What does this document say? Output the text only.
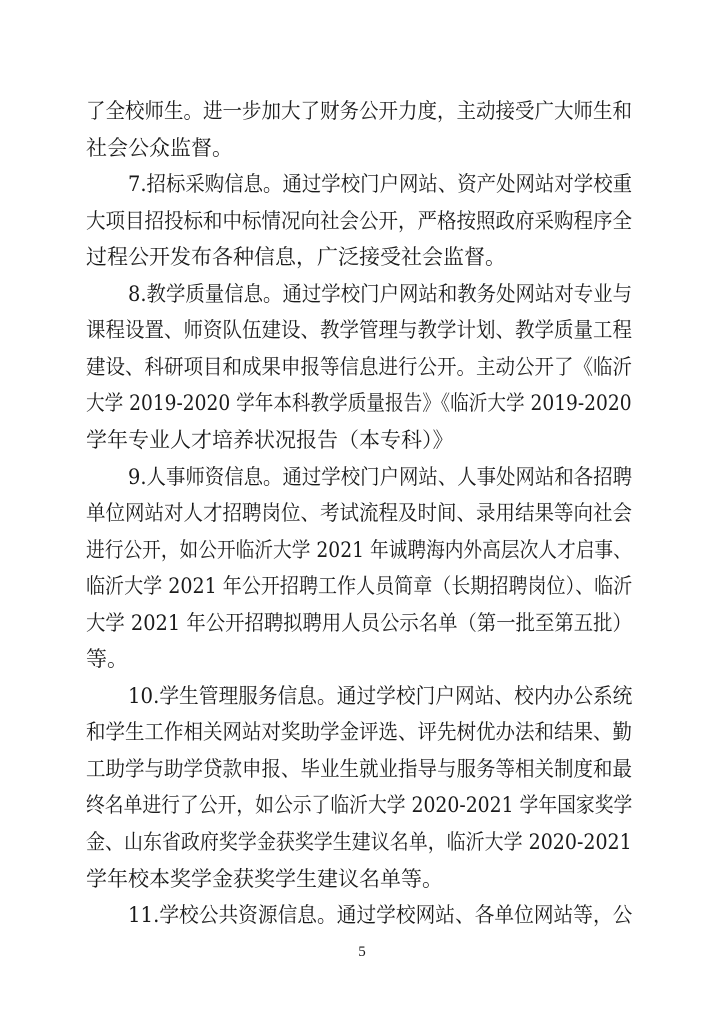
了全校师生。进一步加大了财务公开力度，主动接受广大师生和
社会公众监督。
7.招标采购信息。通过学校门户网站、资产处网站对学校重
大项目招投标和中标情况向社会公开，严格按照政府采购程序全
过程公开发布各种信息，广泛接受社会监督。
8.教学质量信息。通过学校门户网站和教务处网站对专业与
课程设置、师资队伍建设、教学管理与教学计划、教学质量工程
建设、科研项目和成果申报等信息进行公开。主动公开了《临沂
大学 2019-2020 学年本科教学质量报告》《临沂大学 2019-2020
学年专业人才培养状况报告（本专科）》
9.人事师资信息。通过学校门户网站、人事处网站和各招聘
单位网站对人才招聘岗位、考试流程及时间、录用结果等向社会
进行公开，如公开临沂大学 2021 年诚聘海内外高层次人才启事、
临沂大学 2021 年公开招聘工作人员简章（长期招聘岗位）、临沂
大学 2021 年公开招聘拟聘用人员公示名单（第一批至第五批）
等。
10.学生管理服务信息。通过学校门户网站、校内办公系统
和学生工作相关网站对奖助学金评选、评先树优办法和结果、勤
工助学与助学贷款申报、毕业生就业指导与服务等相关制度和最
终名单进行了公开，如公示了临沂大学 2020-2021 学年国家奖学
金、山东省政府奖学金获奖学生建议名单，临沂大学 2020-2021
学年校本奖学金获奖学生建议名单等。
11.学校公共资源信息。通过学校网站、各单位网站等，公
5
